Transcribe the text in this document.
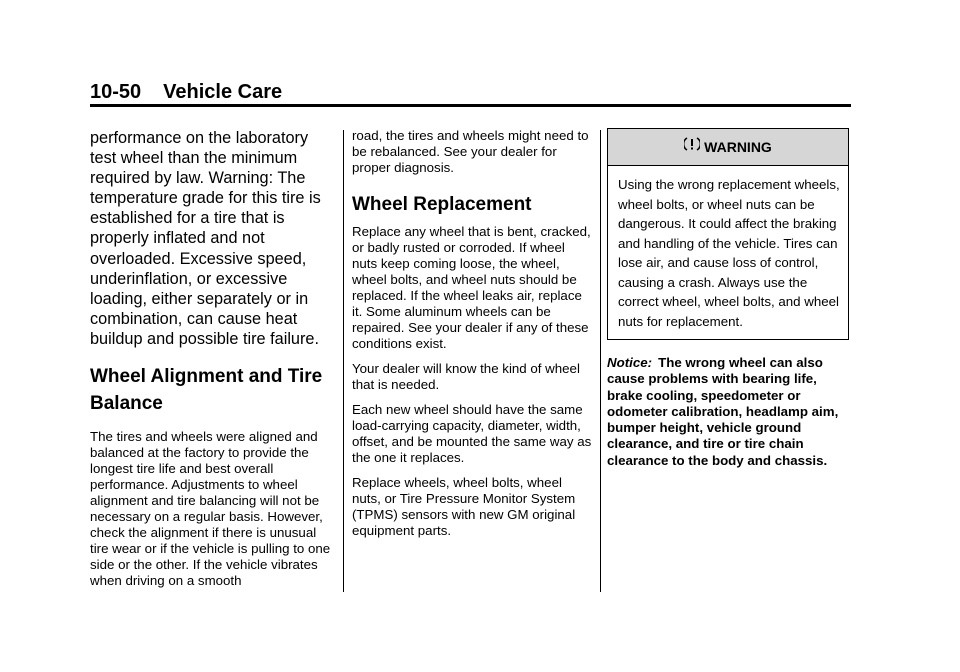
10-50 Vehicle Care

performance on the laboratory test wheel than the minimum required by law. Warning: The temperature grade for this tire is established for a tire that is properly inflated and not overloaded. Excessive speed, underinflation, or excessive loading, either separately or in combination, can cause heat buildup and possible tire failure.

Wheel Alignment and Tire Balance

The tires and wheels were aligned and balanced at the factory to provide the longest tire life and best overall performance. Adjustments to wheel alignment and tire balancing will not be necessary on a regular basis. However, check the alignment if there is unusual tire wear or if the vehicle is pulling to one side or the other. If the vehicle vibrates when driving on a smooth

road, the tires and wheels might need to be rebalanced. See your dealer for proper diagnosis.

Wheel Replacement

Replace any wheel that is bent, cracked, or badly rusted or corroded. If wheel nuts keep coming loose, the wheel, wheel bolts, and wheel nuts should be replaced. If the wheel leaks air, replace it. Some aluminum wheels can be repaired. See your dealer if any of these conditions exist.

Your dealer will know the kind of wheel that is needed.

Each new wheel should have the same load-carrying capacity, diameter, width, offset, and be mounted the same way as the one it replaces.

Replace wheels, wheel bolts, wheel nuts, or Tire Pressure Monitor System (TPMS) sensors with new GM original equipment parts.

WARNING
Using the wrong replacement wheels, wheel bolts, or wheel nuts can be dangerous. It could affect the braking and handling of the vehicle. Tires can lose air, and cause loss of control, causing a crash. Always use the correct wheel, wheel bolts, and wheel nuts for replacement.
Notice: The wrong wheel can also cause problems with bearing life, brake cooling, speedometer or odometer calibration, headlamp aim, bumper height, vehicle ground clearance, and tire or tire chain clearance to the body and chassis.
